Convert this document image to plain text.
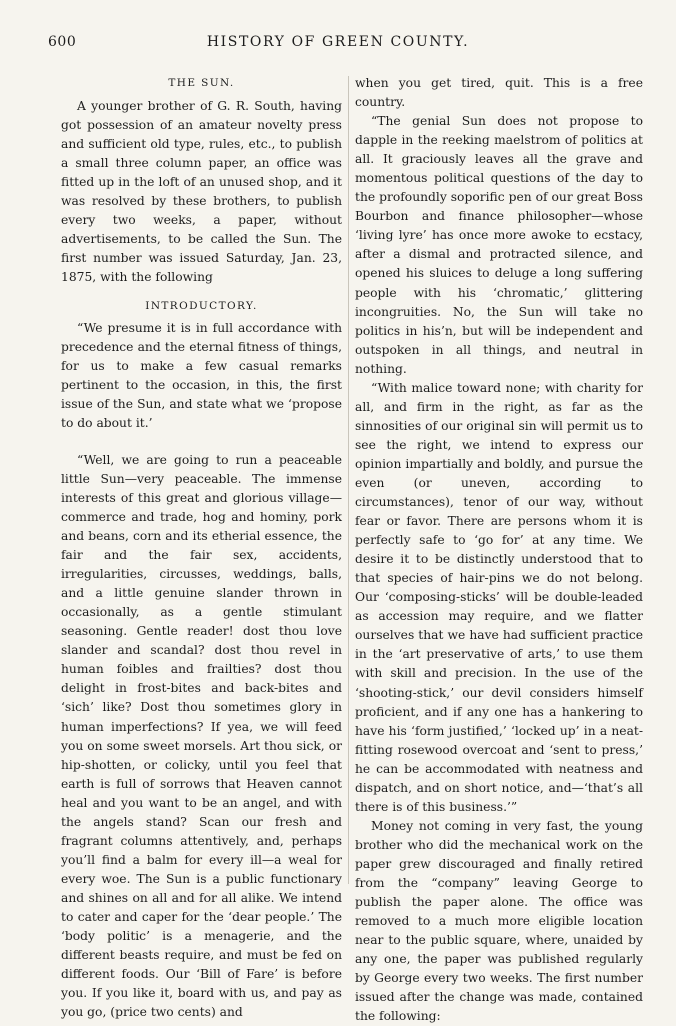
600	HISTORY OF GREEN COUNTY.
THE SUN.

A younger brother of G. R. South, having got possession of an amateur novelty press and sufficient old type, rules, etc., to publish a small three column paper, an office was fitted up in the loft of an unused shop, and it was resolved by these brothers, to publish every two weeks, a paper, without advertisements, to be called the Sun. The first number was issued Saturday, Jan. 23, 1875, with the following

INTRODUCTORY.

“We presume it is in full accordance with precedence and the eternal fitness of things, for us to make a few casual remarks pertinent to the occasion, in this, the first issue of the Sun, and state what we ‘propose to do about it.’

“Well, we are going to run a peaceable little Sun—very peaceable. The immense interests of this great and glorious village—commerce and trade, hog and hominy, pork and beans, corn and its etherial essence, the fair and the fair sex, accidents, irregularities, circusses, weddings, balls, and a little genuine slander thrown in occasionally, as a gentle stimulant seasoning. Gentle reader! dost thou love slander and scandal? dost thou revel in human foibles and frailties? dost thou delight in frost-bites and back-bites and ‘sich’ like? Dost thou sometimes glory in human imperfections? If yea, we will feed you on some sweet morsels. Art thou sick, or hip-shotten, or colicky, until you feel that earth is full of sorrows that Heaven cannot heal and you want to be an angel, and with the angels stand? Scan our fresh and fragrant columns attentively, and, perhaps you’ll find a balm for every ill—a weal for every woe. The Sun is a public functionary and shines on all and for all alike. We intend to cater and caper for the ‘dear people.’ The ‘body politic’ is a menagerie, and the different beasts require, and must be fed on different foods. Our ‘Bill of Fare’ is before you. If you like it, board with us, and pay as you go, (price two cents) and

when you get tired, quit. This is a free country.

“The genial Sun does not propose to dapple in the reeking maelstrom of politics at all. It graciously leaves all the grave and momentous political questions of the day to the profoundly soporific pen of our great Boss Bourbon and finance philosopher—whose ‘living lyre’ has once more awoke to ecstacy, after a dismal and protracted silence, and opened his sluices to deluge a long suffering people with his ‘chromatic,’ glittering incongruities. No, the Sun will take no politics in his’n, but will be independent and outspoken in all things, and neutral in nothing.

“With malice toward none; with charity for all, and firm in the right, as far as the sinnosities of our original sin will permit us to see the right, we intend to express our opinion impartially and boldly, and pursue the even (or uneven, according to circumstances), tenor of our way, without fear or favor. There are persons whom it is perfectly safe to ‘go for’ at any time. We desire it to be distinctly understood that to that species of hair-pins we do not belong. Our ‘composing-sticks’ will be double-leaded as accession may require, and we flatter ourselves that we have had sufficient practice in the ‘art preservative of arts,’ to use them with skill and precision. In the use of the ‘shooting-stick,’ our devil considers himself proficient, and if any one has a hankering to have his ‘form justified,’ ‘locked up’ in a neat-fitting rosewood overcoat and ‘sent to press,’ he can be accommodated with neatness and dispatch, and on short notice, and—‘that’s all there is of this business.’”

Money not coming in very fast, the young brother who did the mechanical work on the paper grew discouraged and finally retired from the “company” leaving George to publish the paper alone. The office was removed to a much more eligible location near to the public square, where, unaided by any one, the paper was published regularly by George every two weeks. The first number issued after the change was made, contained the following:
